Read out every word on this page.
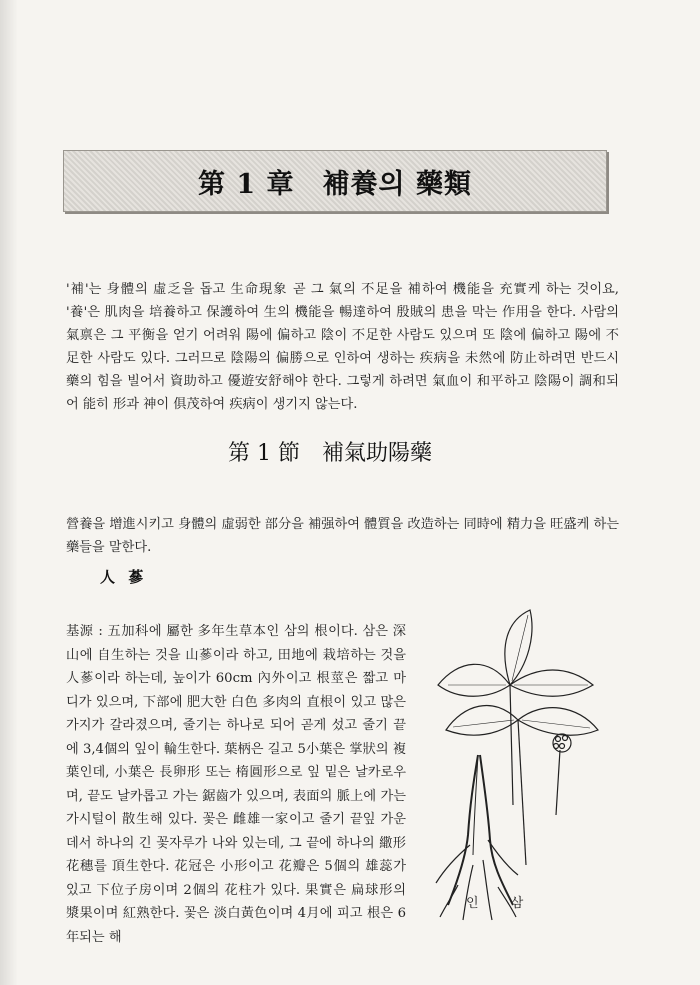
第 1 章　補養의 藥類

'補'는 身體의 虛乏을 돕고 生命現象 곧 그 氣의 不足을 補하여 機能을 充實케 하는 것이요, '養'은 肌肉을 培養하고 保護하여 生의 機能을 暢達하여 殷賊의 患을 막는 作用을 한다. 사람의 氣禀은 그 平衡을 얻기 어려워 陽에 偏하고 陰이 不足한 사람도 있으며 또 陰에 偏하고 陽에 不足한 사람도 있다. 그러므로 陰陽의 偏勝으로 인하여 생하는 疾病을 未然에 防止하려면 반드시 藥의 힘을 빌어서 資助하고 優遊安舒해야 한다. 그렇게 하려면 氣血이 和平하고 陰陽이 調和되어 能히 形과 神이 俱茂하여 疾病이 생기지 않는다.

第 1 節　補氣助陽藥

營養을 增進시키고 身體의 虛弱한 部分을 補强하여 體質을 改造하는 同時에 精力을 旺盛케 하는 藥들을 말한다.

人 蔘

基源 : 五加科에 屬한 多年生草本인 삼의 根이다. 삼은 深山에 自生하는 것을 山蔘이라 하고, 田地에 栽培하는 것을 人蔘이라 하는데, 높이가 60cm 內外이고 根莖은 짧고 마디가 있으며, 下部에 肥大한 白色 多肉의 直根이 있고 많은 가지가 갈라졌으며, 줄기는 하나로 되어 곧게 섰고 줄기 끝에 3,4個의 잎이 輪生한다. 葉柄은 길고 5小葉은 掌狀의 複葉인데, 小葉은 長卵形 또는 楕圓形으로 잎 밑은 날카로우며, 끝도 날카롭고 가는 鋸齒가 있으며, 表面의 脈上에 가는 가시털이 散生해 있다. 꽃은 雌雄一家이고 줄기 끝잎 가운데서 하나의 긴 꽃자루가 나와 있는데, 그 끝에 하나의 繖形花穗를 頂生한다. 花冠은 小形이고 花瓣은 5個의 雄蕊가 있고 下位子房이며 2個의 花柱가 있다. 果實은 扁球形의 漿果이며 紅熟한다. 꽃은 淡白黃色이며 4月에 피고 根은 6年되는 해

인 삼
